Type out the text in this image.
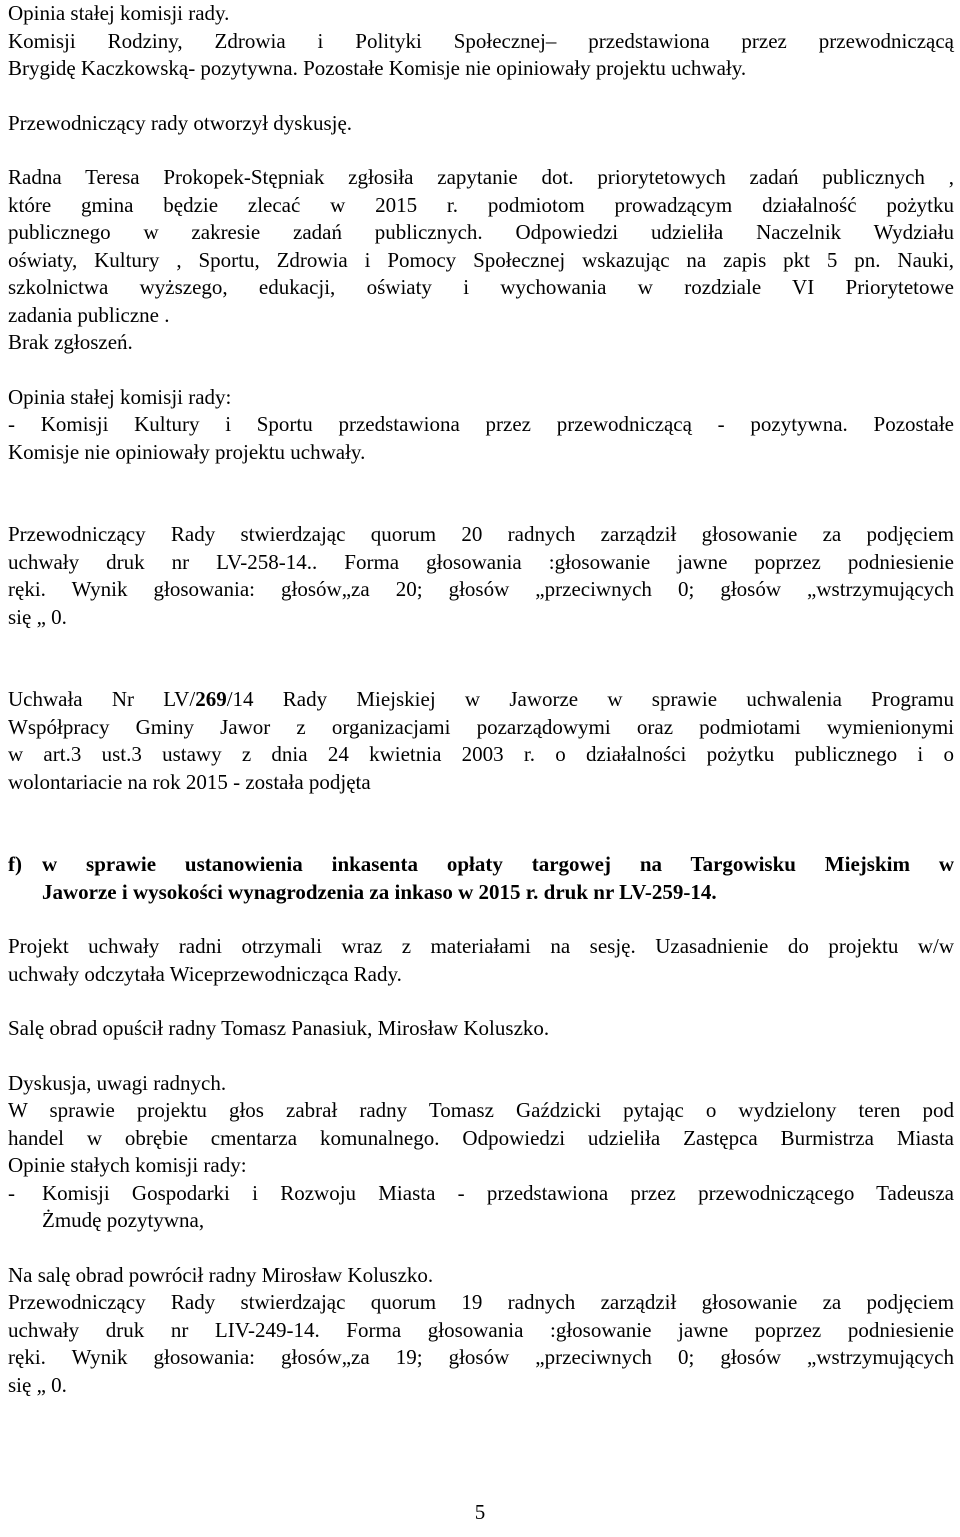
Opinia stałej komisji rady.
Komisji Rodziny, Zdrowia i Polityki Społecznej– przedstawiona przez przewodniczącą
Brygidę Kaczkowską- pozytywna. Pozostałe Komisje nie opiniowały projektu uchwały.

Przewodniczący rady otworzył dyskusję.

Radna Teresa Prokopek-Stępniak zgłosiła zapytanie dot. priorytetowych zadań publicznych ,
które gmina będzie zlecać w 2015 r. podmiotom prowadzącym działalność pożytku
publicznego w zakresie zadań publicznych. Odpowiedzi udzieliła Naczelnik Wydziału
oświaty, Kultury , Sportu, Zdrowia i Pomocy Społecznej wskazując na zapis pkt 5 pn. Nauki,
szkolnictwa wyższego, edukacji, oświaty i wychowania w rozdziale VI Priorytetowe
zadania publiczne .
Brak zgłoszeń.

Opinia stałej komisji rady:
- Komisji Kultury i Sportu przedstawiona przez przewodniczącą - pozytywna. Pozostałe
Komisje nie opiniowały projektu uchwały.

Przewodniczący Rady stwierdzając quorum 20 radnych zarządził głosowanie za podjęciem
uchwały druk nr LV-258-14.. Forma głosowania :głosowanie jawne poprzez podniesienie
ręki. Wynik głosowania: głosów„za 20; głosów „przeciwnych 0; głosów „wstrzymujących
się „ 0.

Uchwała Nr LV/269/14 Rady Miejskiej w Jaworze w sprawie uchwalenia Programu
Współpracy Gminy Jawor z organizacjami pozarządowymi oraz podmiotami wymienionymi
w art.3 ust.3 ustawy z dnia 24 kwietnia 2003 r. o działalności pożytku publicznego i o
wolontariacie na rok 2015 - została podjęta

f) w sprawie ustanowienia inkasenta opłaty targowej na Targowisku Miejskim w
Jaworze i wysokości wynagrodzenia za inkaso w 2015 r. druk nr LV-259-14.

Projekt uchwały radni otrzymali wraz z materiałami na sesję. Uzasadnienie do projektu w/w
uchwały odczytała Wiceprzewodnicząca Rady.

Salę obrad opuścił radny Tomasz Panasiuk, Mirosław Koluszko.

Dyskusja, uwagi radnych.
W sprawie projektu głos zabrał radny Tomasz Gaździcki pytając o wydzielony teren pod
handel w obrębie cmentarza komunalnego. Odpowiedzi udzieliła Zastępca Burmistrza Miasta
Opinie stałych komisji rady:
-	Komisji Gospodarki i Rozwoju Miasta - przedstawiona przez przewodniczącego Tadeusza
Żmudę pozytywna,

Na salę obrad powrócił radny Mirosław Koluszko.
Przewodniczący Rady stwierdzając quorum 19 radnych zarządził głosowanie za podjęciem
uchwały druk nr LIV-249-14. Forma głosowania :głosowanie jawne poprzez podniesienie
ręki. Wynik głosowania: głosów„za 19; głosów „przeciwnych 0; głosów „wstrzymujących
się „ 0.

5
